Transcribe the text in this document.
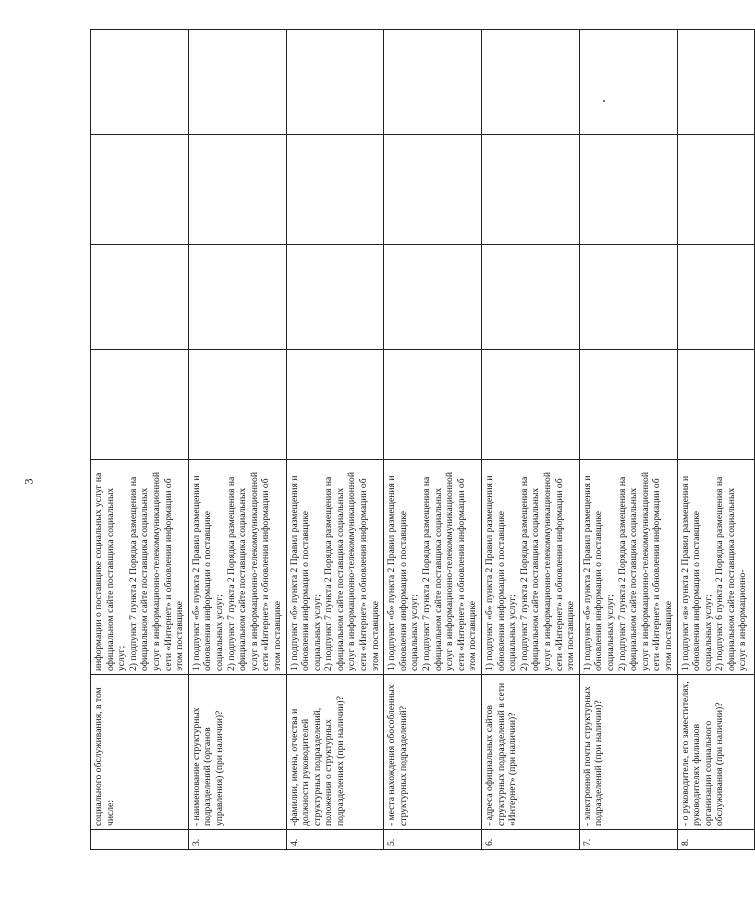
3
	социального обслуживания, в том числе:	информации о поставщике социальных услуг на официальном сайте поставщика социальных услуг; 2) подпункт 7 пункта 2 Порядка размещения на официальном сайте поставщика социальных услуг в информационно-телекоммуникационной сети «Интернет» и обновления информации об этом поставщике				

3.	- наименование структурных подразделений (органов управления) (при наличии)?	1) подпункт «б» пункта 2 Правил размещения и обновления информации о поставщике социальных услуг; 2) подпункт 7 пункта 2 Порядка размещения на официальном сайте поставщика социальных услуг в информационно-телекоммуникационной сети «Интернет» и обновления информации об этом поставщике				

4.	-фамилии, имена, отчества и должности руководителей структурных подразделений, положения о структурных подразделениях (при наличии)?	1) подпункт «б» пункта 2 Правил размещения и обновления информации о поставщике социальных услуг; 2) подпункт 7 пункта 2 Порядка размещения на официальном сайте поставщика социальных услуг в информационно-телекоммуникационной сети «Интернет» и обновления информации об этом поставщике				

5.	- места нахождения обособленных структурных подразделений?	1) подпункт «б» пункта 2 Правил размещения и обновления информации о поставщике социальных услуг; 2) подпункт 7 пункта 2 Порядка размещения на официальном сайте поставщика социальных услуг в информационно-телекоммуникационной сети «Интернет» и обновления информации об этом поставщике				

6.	- адреса официальных сайтов структурных подразделений в сети «Интернет» (при наличии)?	1) подпункт «б» пункта 2 Правил размещения и обновления информации о поставщике социальных услуг; 2) подпункт 7 пункта 2 Порядка размещения на официальном сайте поставщика социальных услуг в информационно-телекоммуникационной сети «Интернет» и обновления информации об этом поставщике				

7.	- электронной почты структурных подразделений (при наличии)?	1) подпункт «б» пункта 2 Правил размещения и обновления информации о поставщике социальных услуг; 2) подпункт 7 пункта 2 Порядка размещения на официальном сайте поставщика социальных услуг в информационно-телекоммуникационной сети «Интернет» и обновления информации об этом поставщике				

8.	- о руководителе, его заместителях, руководителях филиалов организации социального обслуживания (при наличии)?	1) подпункт «в» пункта 2 Правил размещения и обновления информации о поставщике социальных услуг; 2) подпункт 6 пункта 2 Порядка размещения на официальном сайте поставщика социальных услуг в информационно-				
